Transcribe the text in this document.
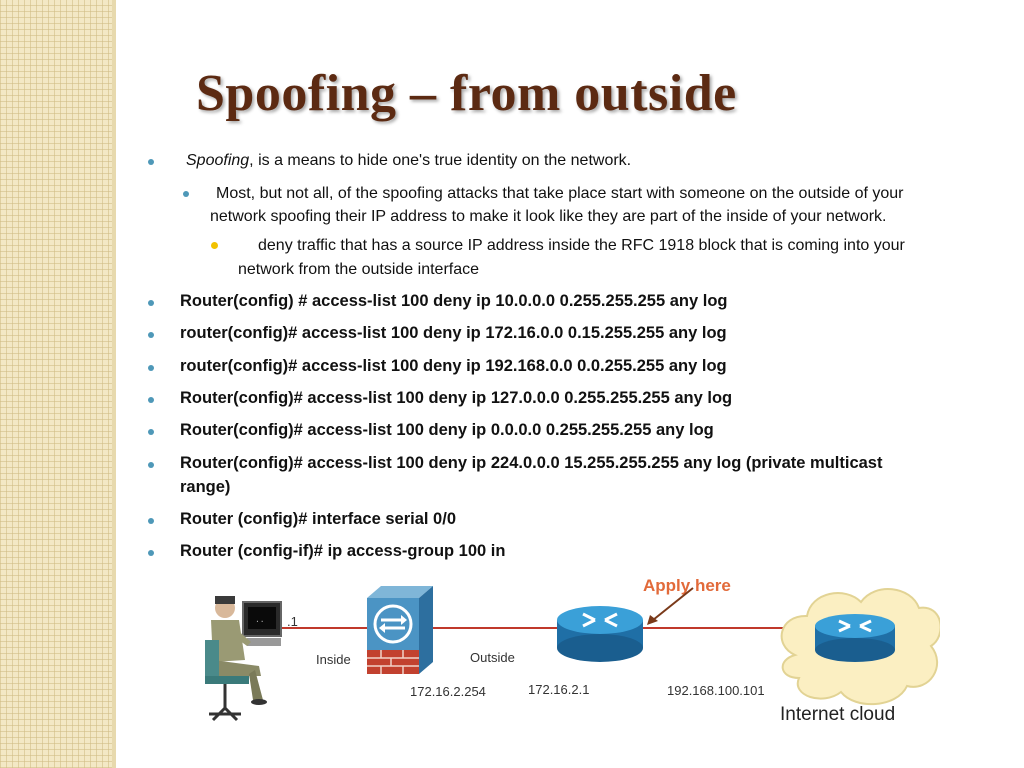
Spoofing – from outside
Spoofing, is a means to hide one's true identity on the network.
Most, but not all, of the spoofing attacks that take place start with someone on the outside of your
network spoofing their IP address to make it look like they are part of the inside of your network.
deny traffic that has a source IP address inside the RFC 1918 block that is coming into your
network from the outside interface
Router(config) # access-list 100 deny ip 10.0.0.0 0.255.255.255 any log
router(config)# access-list 100 deny ip 172.16.0.0 0.15.255.255 any log
router(config)# access-list 100 deny ip 192.168.0.0 0.0.255.255 any log
Router(config)# access-list 100 deny ip 127.0.0.0 0.255.255.255 any log
Router(config)# access-list 100 deny ip 0.0.0.0 0.255.255.255 any log
Router(config)# access-list 100 deny ip 224.0.0.0 15.255.255.255 any log (private multicast
range)
Router (config)# interface serial 0/0
Router (config-if)# ip access-group 100 in
Apply here
.. .1
Inside	Outside
172.16.2.254	172.16.2.1	192.168.100.101
Internet cloud
